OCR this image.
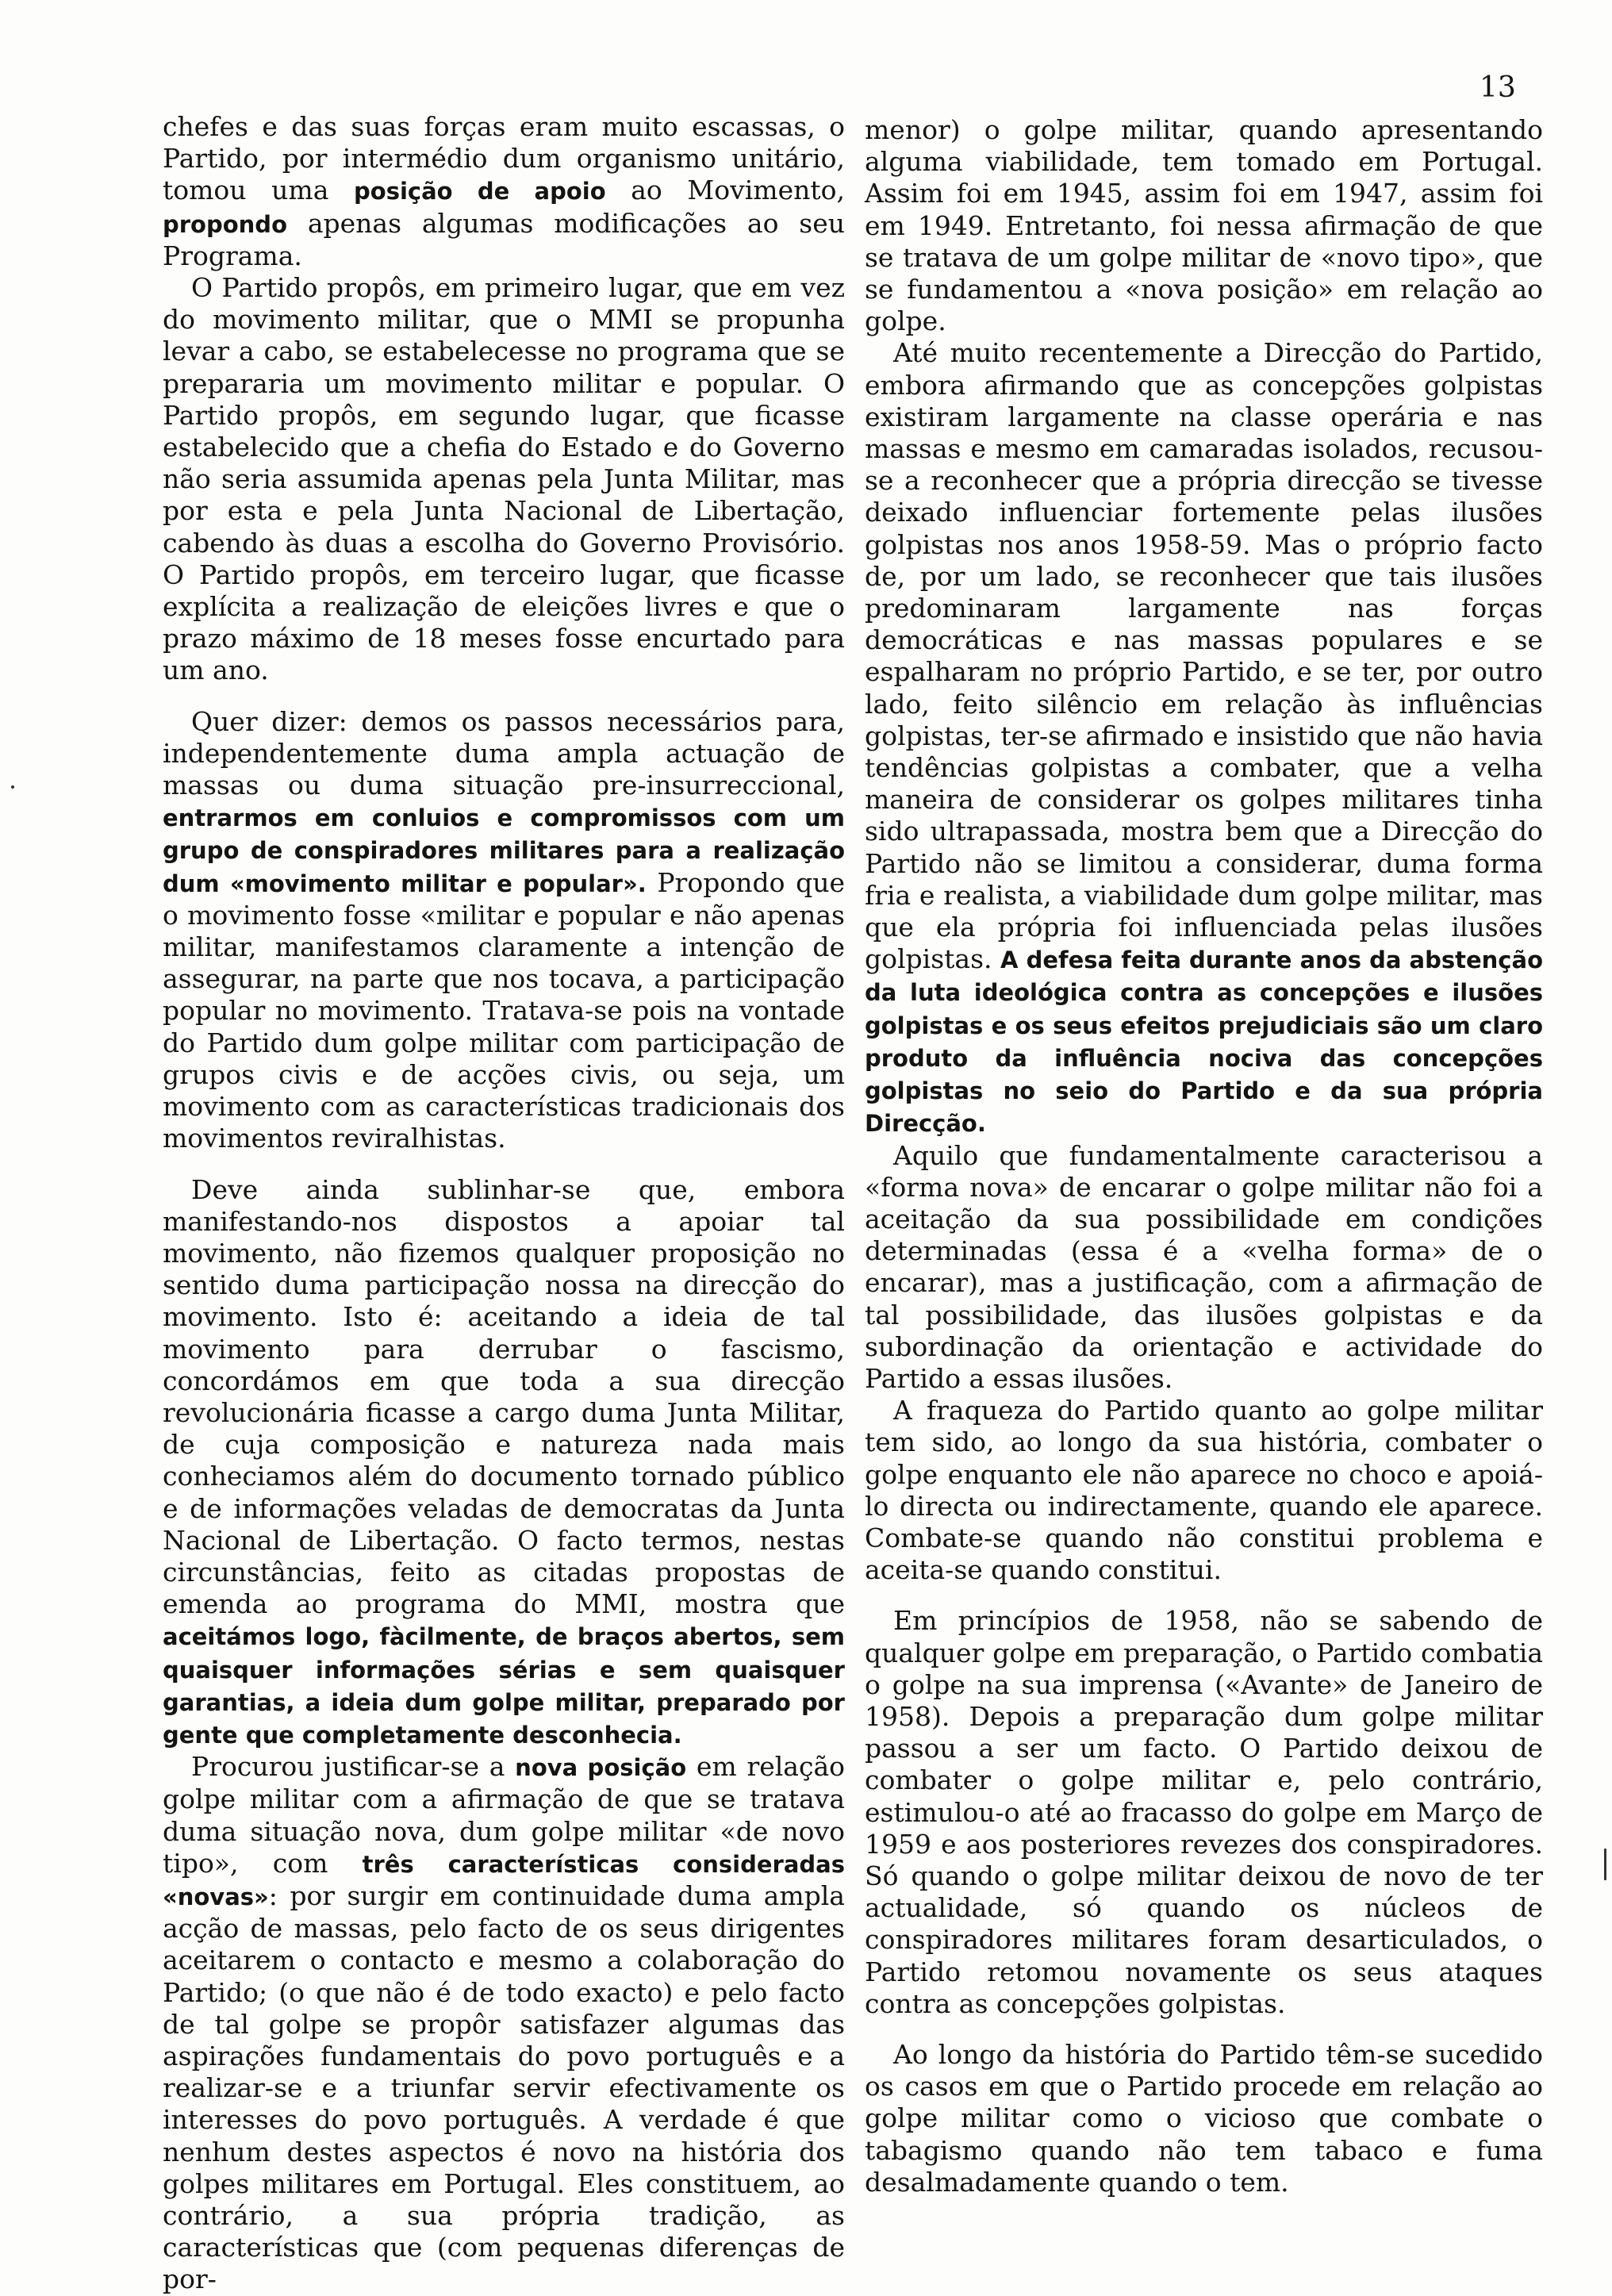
13

chefes e das suas forças eram muito escassas, o Partido, por intermédio dum organismo unitário, tomou uma posição de apoio ao Movimento, propondo apenas algumas modificações ao seu Programa.

O Partido propôs, em primeiro lugar, que em vez do movimento militar, que o MMI se propunha levar a cabo, se estabelecesse no programa que se prepararia um movimento militar e popular. O Partido propôs, em segundo lugar, que ficasse estabelecido que a chefia do Estado e do Governo não seria assumida apenas pela Junta Militar, mas por esta e pela Junta Nacional de Libertação, cabendo às duas a escolha do Governo Provisório. O Partido propôs, em terceiro lugar, que ficasse explícita a realização de eleições livres e que o prazo máximo de 18 meses fosse encurtado para um ano.

Quer dizer: demos os passos necessários para, independentemente duma ampla actuação de massas ou duma situação pre-insurreccional, entrarmos em conluios e compromissos com um grupo de conspiradores militares para a realização dum «movimento militar e popular». Propondo que o movimento fosse «militar e popular e não apenas militar, manifestamos claramente a intenção de assegurar, na parte que nos tocava, a participação popular no movimento. Tratava-se pois na vontade do Partido dum golpe militar com participação de grupos civis e de acções civis, ou seja, um movimento com as características tradicionais dos movimentos reviralhistas.

Deve ainda sublinhar-se que, embora manifestando-nos dispostos a apoiar tal movimento, não fizemos qualquer proposição no sentido duma participação nossa na direcção do movimento. Isto é: aceitando a ideia de tal movimento para derrubar o fascismo, concordámos em que toda a sua direcção revolucionária ficasse a cargo duma Junta Militar, de cuja composição e natureza nada mais conheciamos além do documento tornado público e de informações veladas de democratas da Junta Nacional de Libertação. O facto termos, nestas circunstâncias, feito as citadas propostas de emenda ao programa do MMI, mostra que aceitámos logo, fàcilmente, de braços abertos, sem quaisquer informações sérias e sem quaisquer garantias, a ideia dum golpe militar, preparado por gente que completamente desconhecia.

Procurou justificar-se a nova posição em relação golpe militar com a afirmação de que se tratava duma situação nova, dum golpe militar «de novo tipo», com três características consideradas «novas»: por surgir em continuidade duma ampla acção de massas, pelo facto de os seus dirigentes aceitarem o contacto e mesmo a colaboração do Partido; (o que não é de todo exacto) e pelo facto de tal golpe se propôr satisfazer algumas das aspirações fundamentais do povo português e a realizar-se e a triunfar servir efectivamente os interesses do povo português. A verdade é que nenhum destes aspectos é novo na história dos golpes militares em Portugal. Eles constituem, ao contrário, a sua própria tradição, as características que (com pequenas diferenças de por-

menor) o golpe militar, quando apresentando alguma viabilidade, tem tomado em Portugal. Assim foi em 1945, assim foi em 1947, assim foi em 1949. Entretanto, foi nessa afirmação de que se tratava de um golpe militar de «novo tipo», que se fundamentou a «nova posição» em relação ao golpe.

Até muito recentemente a Direcção do Partido, embora afirmando que as concepções golpistas existiram largamente na classe operária e nas massas e mesmo em camaradas isolados, recusou-se a reconhecer que a própria direcção se tivesse deixado influenciar fortemente pelas ilusões golpistas nos anos 1958-59. Mas o próprio facto de, por um lado, se reconhecer que tais ilusões predominaram largamente nas forças democráticas e nas massas populares e se espalharam no próprio Partido, e se ter, por outro lado, feito silêncio em relação às influências golpistas, ter-se afirmado e insistido que não havia tendências golpistas a combater, que a velha maneira de considerar os golpes militares tinha sido ultrapassada, mostra bem que a Direcção do Partido não se limitou a considerar, duma forma fria e realista, a viabilidade dum golpe militar, mas que ela própria foi influenciada pelas ilusões golpistas. A defesa feita durante anos da abstenção da luta ideológica contra as concepções e ilusões golpistas e os seus efeitos prejudiciais são um claro produto da influência nociva das concepções golpistas no seio do Partido e da sua própria Direcção.

Aquilo que fundamentalmente caracterisou a «forma nova» de encarar o golpe militar não foi a aceitação da sua possibilidade em condições determinadas (essa é a «velha forma» de o encarar), mas a justificação, com a afirmação de tal possibilidade, das ilusões golpistas e da subordinação da orientação e actividade do Partido a essas ilusões.

A fraqueza do Partido quanto ao golpe militar tem sido, ao longo da sua história, combater o golpe enquanto ele não aparece no choco e apoiá-lo directa ou indirectamente, quando ele aparece. Combate-se quando não constitui problema e aceita-se quando constitui.

Em princípios de 1958, não se sabendo de qualquer golpe em preparação, o Partido combatia o golpe na sua imprensa («Avante» de Janeiro de 1958). Depois a preparação dum golpe militar passou a ser um facto. O Partido deixou de combater o golpe militar e, pelo contrário, estimulou-o até ao fracasso do golpe em Março de 1959 e aos posteriores revezes dos conspiradores. Só quando o golpe militar deixou de novo de ter actualidade, só quando os núcleos de conspiradores militares foram desarticulados, o Partido retomou novamente os seus ataques contra as concepções golpistas.

Ao longo da história do Partido têm-se sucedido os casos em que o Partido procede em relação ao golpe militar como o vicioso que combate o tabagismo quando não tem tabaco e fuma desalmadamente quando o tem.
